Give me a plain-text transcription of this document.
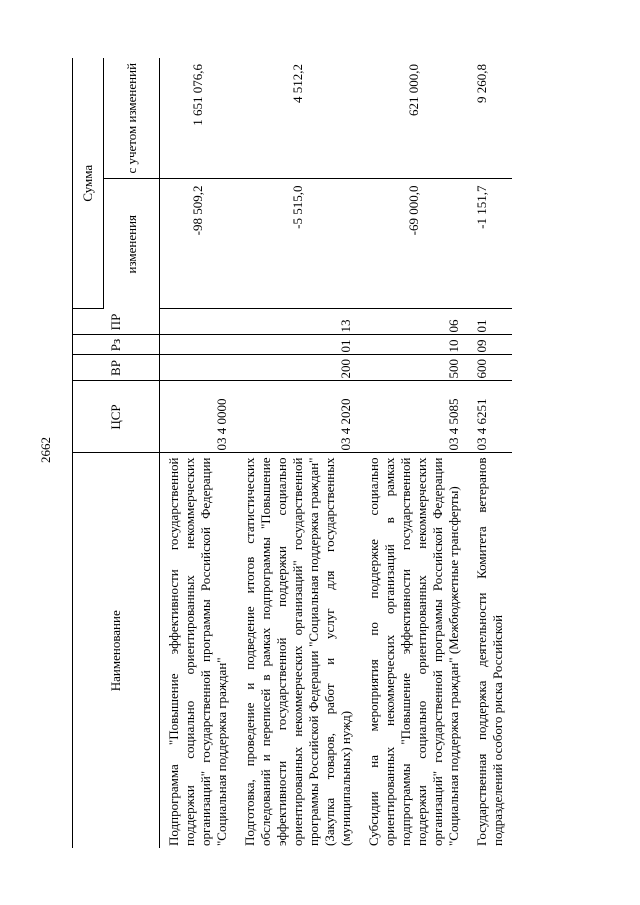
2662
Наименование	ЦСР	ВР	Рз	ПР	Сумма	
					изменения	с учетом изменений
Подпрограмма "Повышение эффективности государственной поддержки социально ориентированных некоммерческих организаций" государственной программы Российской Федерации "Социальная поддержка граждан"	03 4 0000				-98 509,2	1 651 076,6
Подготовка, проведение и подведение итогов статистических обследований и переписей в рамках подпрограммы "Повышение эффективности государственной поддержки социально ориентированных некоммерческих организаций" государственной программы Российской Федерации "Социальная поддержка граждан" (Закупка товаров, работ и услуг для государственных (муниципальных) нужд)	03 4 2020	200	01	13	-5 515,0	4 512,2
Субсидии на мероприятия по поддержке социально ориентированных некоммерческих организаций в рамках подпрограммы "Повышение эффективности государственной поддержки социально ориентированных некоммерческих организаций" государственной программы Российской Федерации "Социальная поддержка граждан" (Межбюджетные трансферты)	03 4 5085	500	10	06	-69 000,0	621 000,0
Государственная поддержка деятельности Комитета ветеранов подразделений особого риска Российской	03 4 6251	600	09	01	-1 151,7	9 260,8
